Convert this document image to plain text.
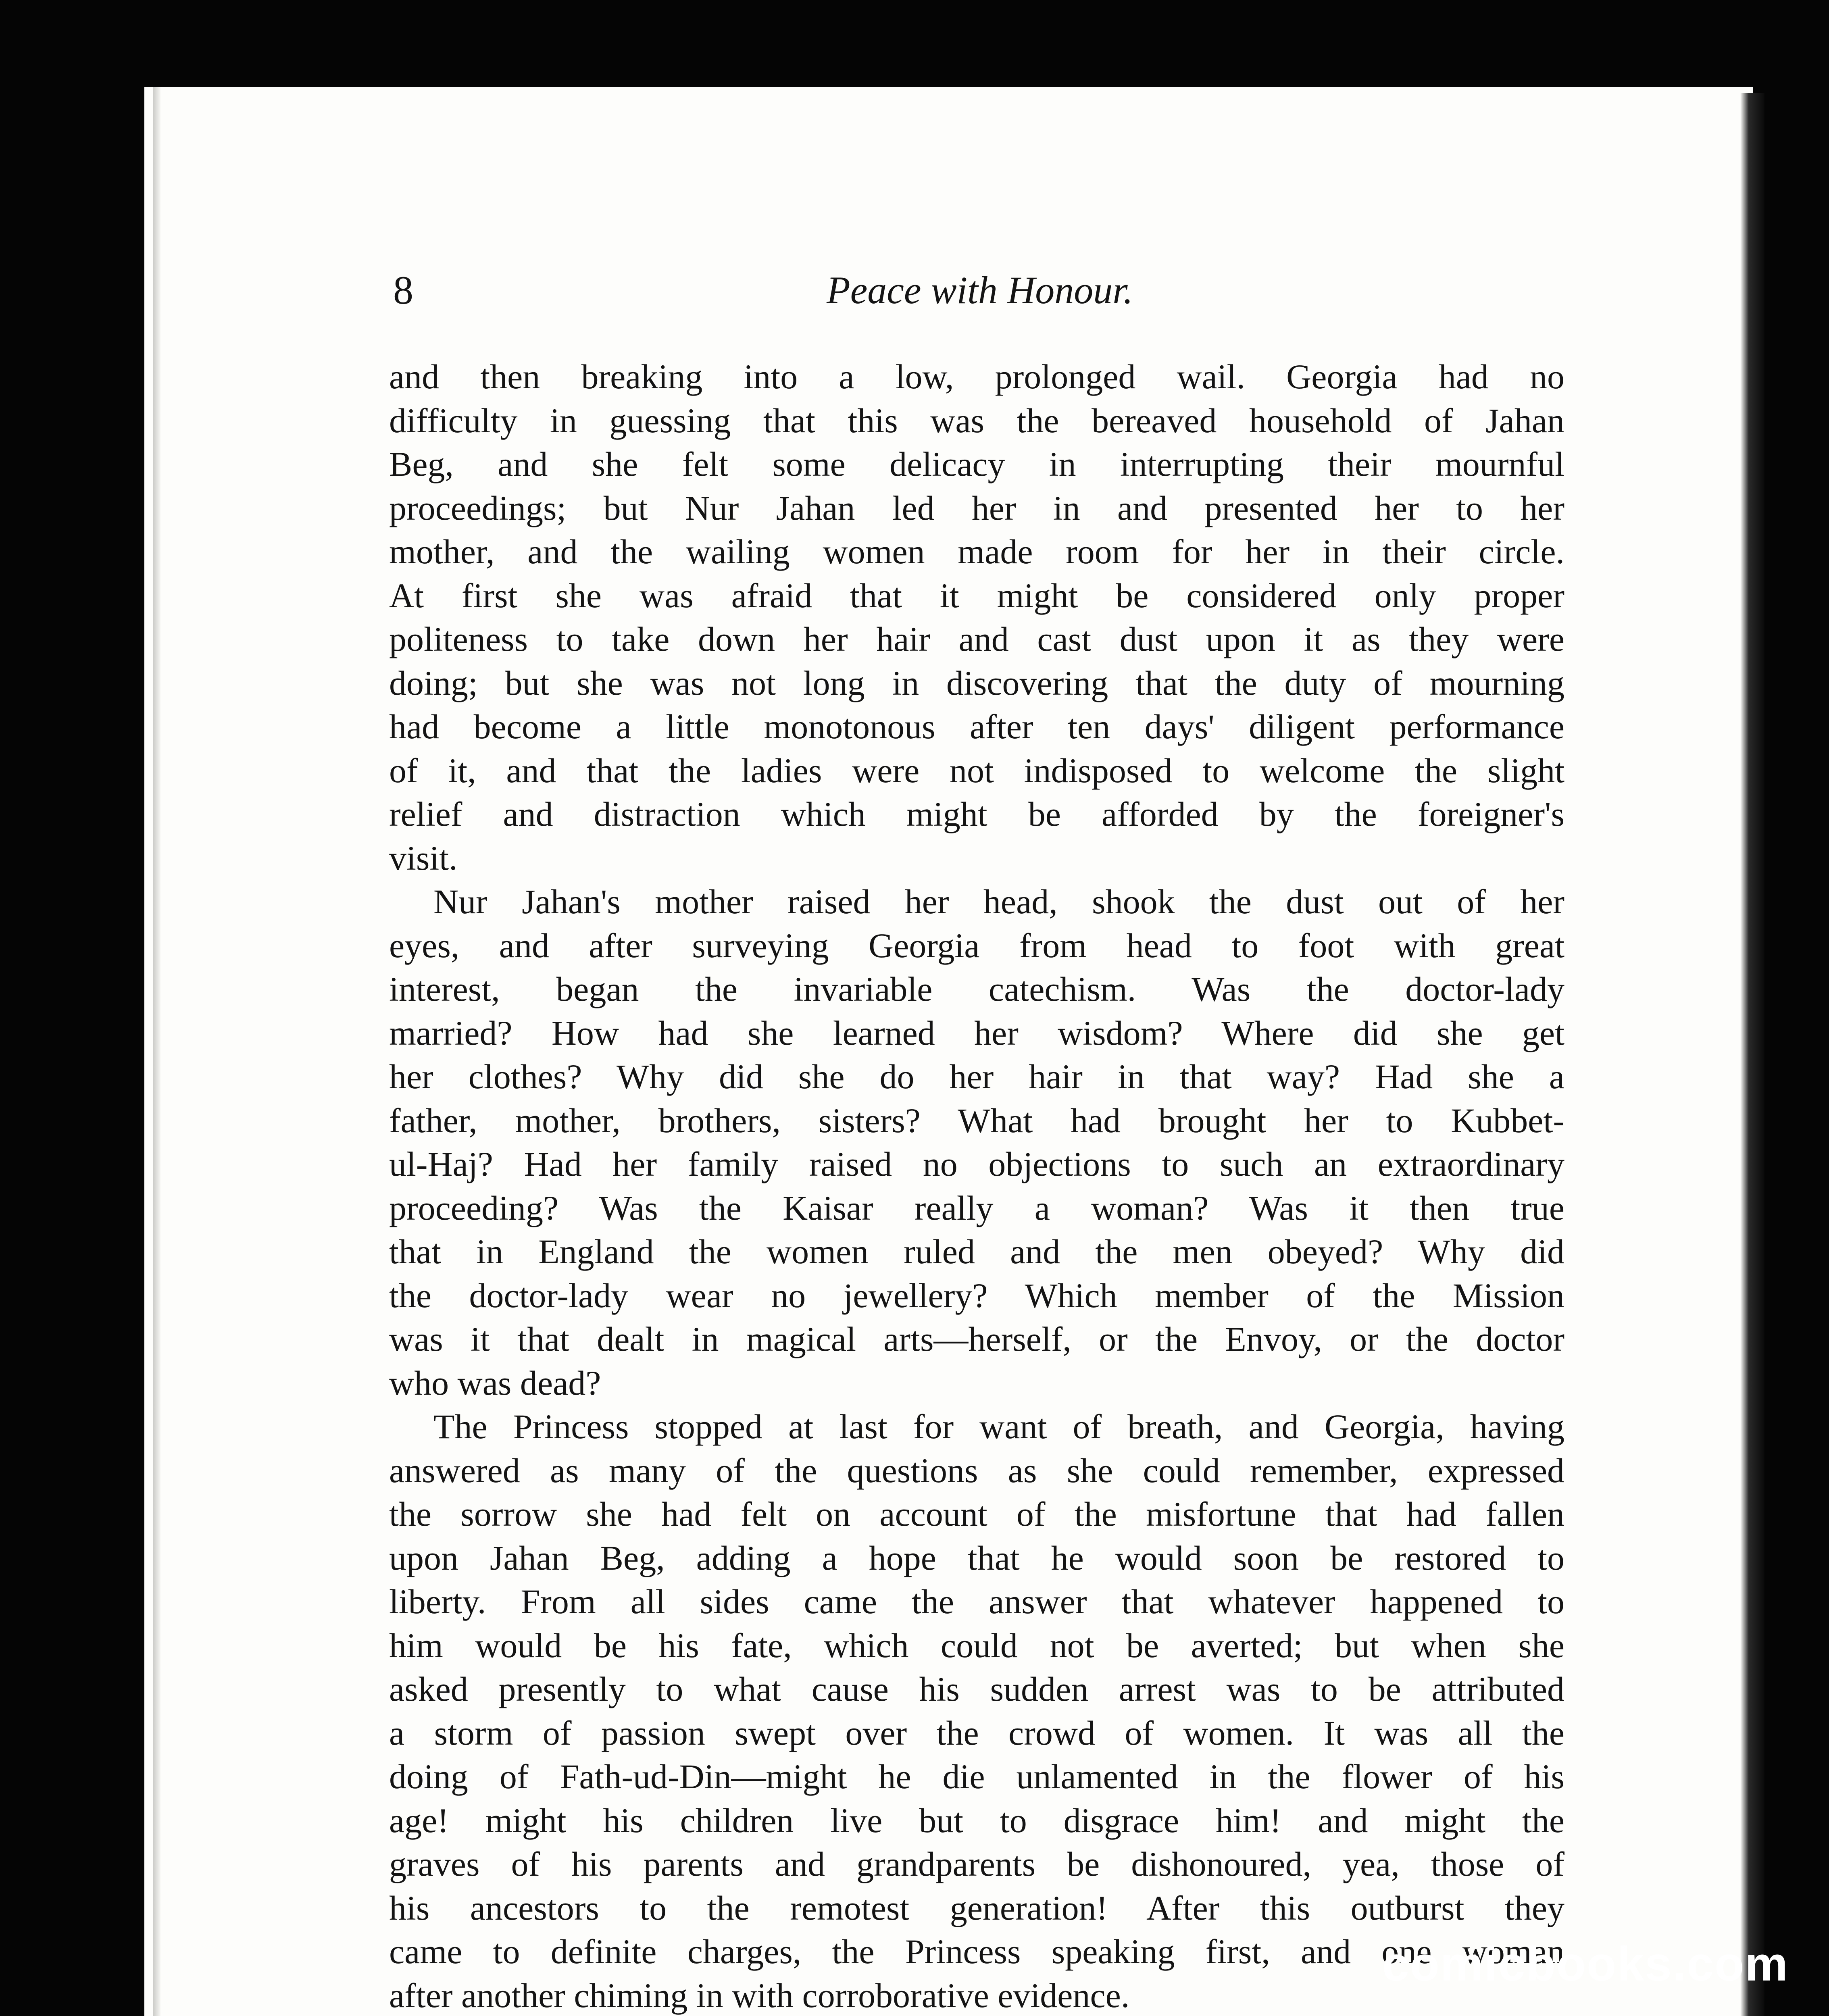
8	Peace with Honour.
and then breaking into a low, prolonged wail. Georgia had no
difficulty in guessing that this was the bereaved household of Jahan
Beg, and she felt some delicacy in interrupting their mournful
proceedings; but Nur Jahan led her in and presented her to her
mother, and the wailing women made room for her in their circle.
At first she was afraid that it might be considered only proper
politeness to take down her hair and cast dust upon it as they were
doing; but she was not long in discovering that the duty of mourning
had become a little monotonous after ten days' diligent performance
of it, and that the ladies were not indisposed to welcome the slight
relief and distraction which might be afforded by the foreigner's
visit.
Nur Jahan's mother raised her head, shook the dust out of her
eyes, and after surveying Georgia from head to foot with great
interest, began the invariable catechism. Was the doctor-lady
married? How had she learned her wisdom? Where did she get
her clothes? Why did she do her hair in that way? Had she a
father, mother, brothers, sisters? What had brought her to Kubbet-
ul-Haj? Had her family raised no objections to such an extraordinary
proceeding? Was the Kaisar really a woman? Was it then true
that in England the women ruled and the men obeyed? Why did
the doctor-lady wear no jewellery? Which member of the Mission
was it that dealt in magical arts—herself, or the Envoy, or the doctor
who was dead?
The Princess stopped at last for want of breath, and Georgia, having
answered as many of the questions as she could remember, expressed
the sorrow she had felt on account of the misfortune that had fallen
upon Jahan Beg, adding a hope that he would soon be restored to
liberty. From all sides came the answer that whatever happened to
him would be his fate, which could not be averted; but when she
asked presently to what cause his sudden arrest was to be attributed
a storm of passion swept over the crowd of women. It was all the
doing of Fath-ud-Din—might he die unlamented in the flower of his
age! might his children live but to disgrace him! and might the
graves of his parents and grandparents be dishonoured, yea, those of
his ancestors to the remotest generation! After this outburst they
came to definite charges, the Princess speaking first, and one woman
after another chiming in with corroborative evidence.
comicbooks.com
